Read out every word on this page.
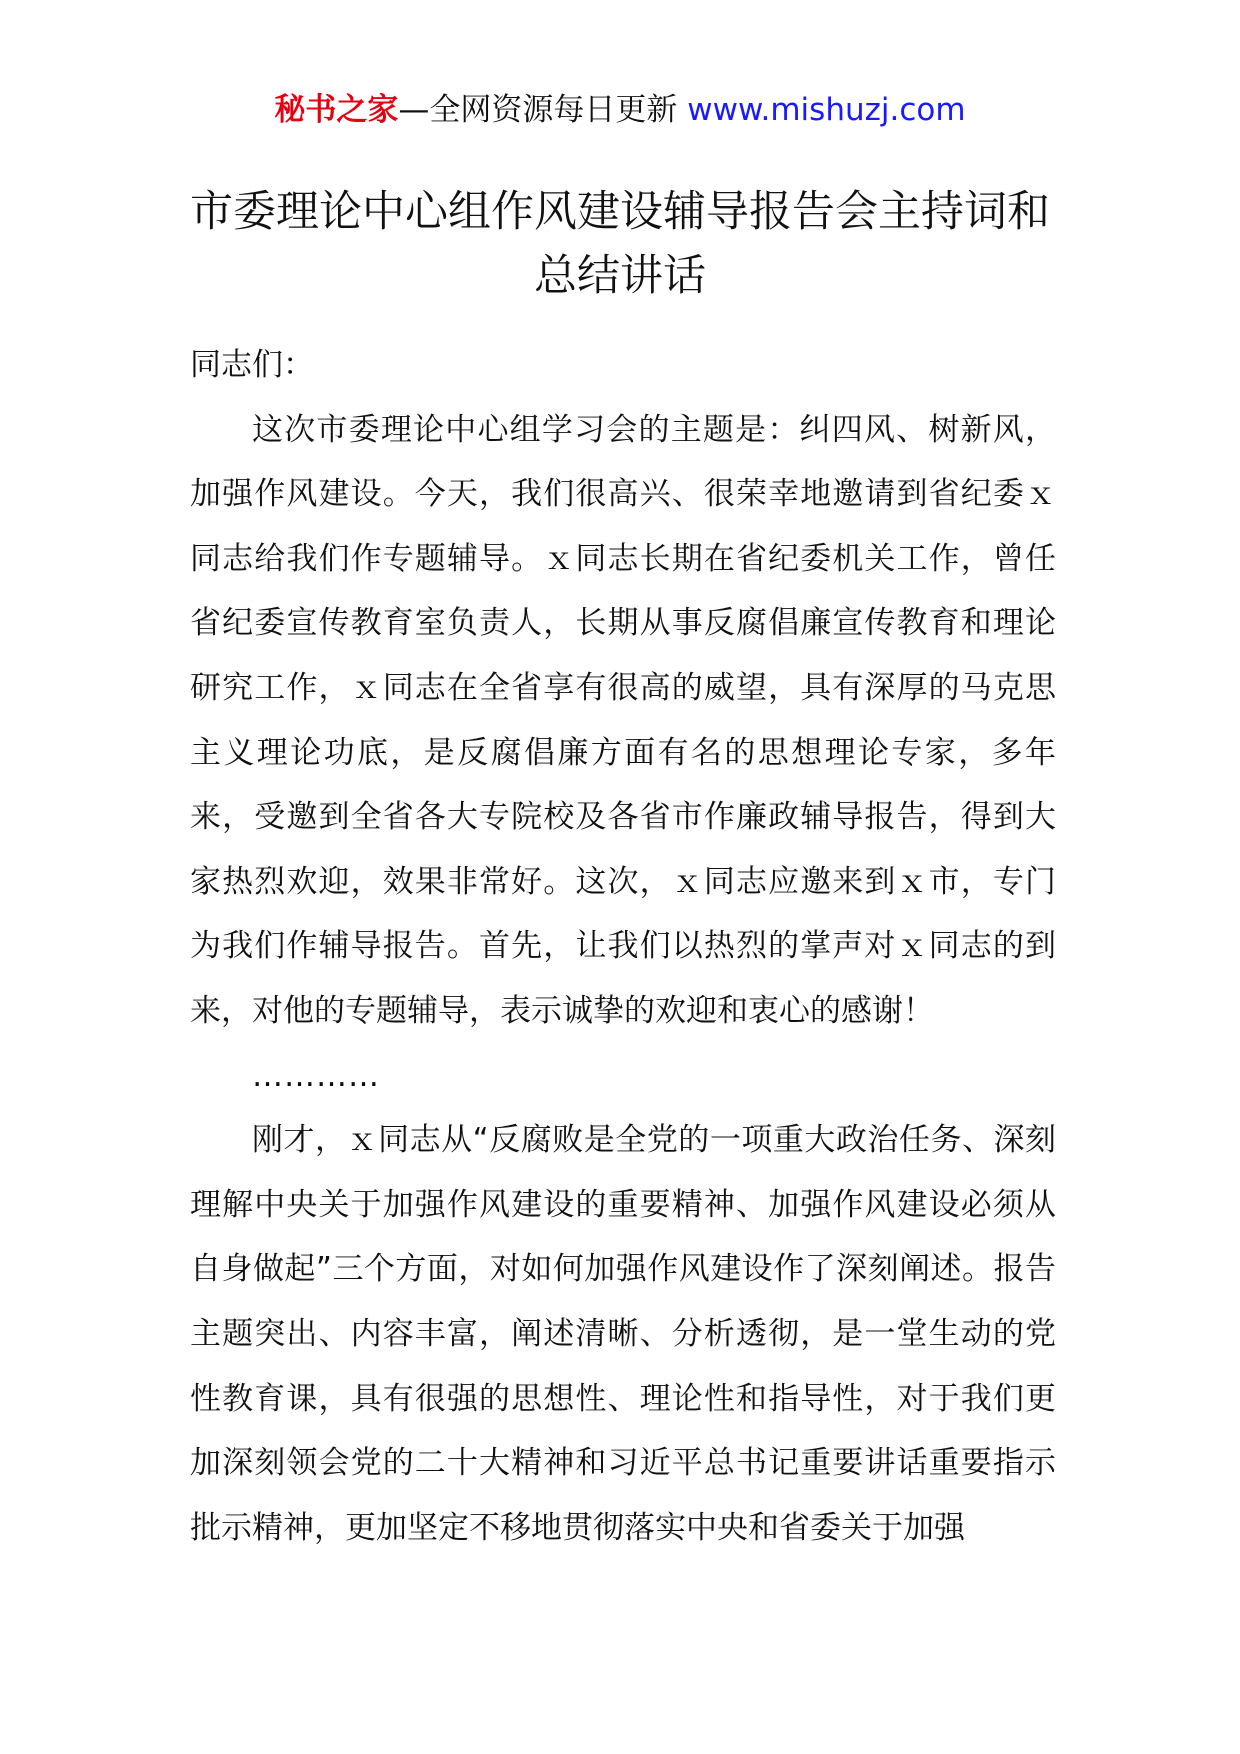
秘书之家—全网资源每日更新 www.mishuzj.com
市委理论中心组作风建设辅导报告会主持词和总结讲话

同志们：

这次市委理论中心组学习会的主题是：纠四风、树新风，加强作风建设。今天，我们很高兴、很荣幸地邀请到省纪委ｘ同志给我们作专题辅导。ｘ同志长期在省纪委机关工作，曾任省纪委宣传教育室负责人，长期从事反腐倡廉宣传教育和理论研究工作，ｘ同志在全省享有很高的威望，具有深厚的马克思主义理论功底，是反腐倡廉方面有名的思想理论专家，多年来，受邀到全省各大专院校及各省市作廉政辅导报告，得到大家热烈欢迎，效果非常好。这次，ｘ同志应邀来到ｘ市，专门为我们作辅导报告。首先，让我们以热烈的掌声对ｘ同志的到来，对他的专题辅导，表示诚挚的欢迎和衷心的感谢！

…………

刚才，ｘ同志从“反腐败是全党的一项重大政治任务、深刻理解中央关于加强作风建设的重要精神、加强作风建设必须从自身做起”三个方面，对如何加强作风建设作了深刻阐述。报告主题突出、内容丰富，阐述清晰、分析透彻，是一堂生动的党性教育课，具有很强的思想性、理论性和指导性，对于我们更加深刻领会党的二十大精神和习近平总书记重要讲话重要指示批示精神，更加坚定不移地贯彻落实中央和省委关于加强
